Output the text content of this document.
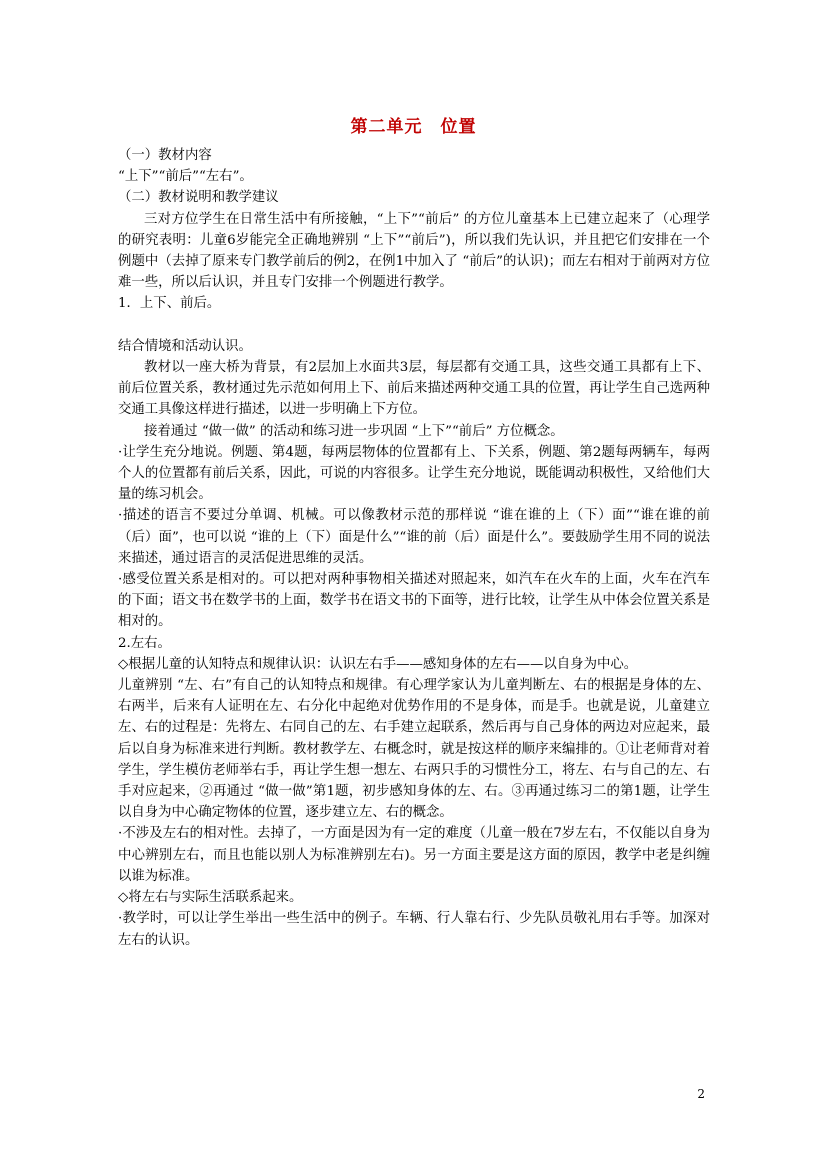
第二单元　位置
（一）教材内容
“上下”“前后”“左右”。
（二）教材说明和教学建议
三对方位学生在日常生活中有所接触，“上下”“前后” 的方位儿童基本上已建立起来了（心理学的研究表明：儿童6岁能完全正确地辨别 “上下”“前后”)，所以我们先认识，并且把它们安排在一个例题中（去掉了原来专门教学前后的例2，在例1中加入了 “前后”的认识)；而左右相对于前两对方位难一些，所以后认识，并且专门安排一个例题进行教学。
1．上下、前后。
结合情境和活动认识。
教材以一座大桥为背景，有2层加上水面共3层，每层都有交通工具，这些交通工具都有上下、前后位置关系，教材通过先示范如何用上下、前后来描述两种交通工具的位置，再让学生自己选两种交通工具像这样进行描述，以进一步明确上下方位。
接着通过 “做一做” 的活动和练习进一步巩固 “上下”“前后” 方位概念。
·让学生充分地说。例题、第4题，每两层物体的位置都有上、下关系，例题、第2题每两辆车，每两个人的位置都有前后关系，因此，可说的内容很多。让学生充分地说，既能调动积极性，又给他们大量的练习机会。
·描述的语言不要过分单调、机械。可以像教材示范的那样说 “谁在谁的上（下）面”“谁在谁的前（后）面”，也可以说 “谁的上（下）面是什么”“谁的前（后）面是什么”。要鼓励学生用不同的说法来描述，通过语言的灵活促进思维的灵活。
·感受位置关系是相对的。可以把对两种事物相关描述对照起来，如汽车在火车的上面，火车在汽车的下面；语文书在数学书的上面，数学书在语文书的下面等，进行比较，让学生从中体会位置关系是相对的。
2.左右。
◇根据儿童的认知特点和规律认识：认识左右手——感知身体的左右——以自身为中心。
儿童辨别 “左、右”有自己的认知特点和规律。有心理学家认为儿童判断左、右的根据是身体的左、右两半，后来有人证明在左、右分化中起绝对优势作用的不是身体，而是手。也就是说，儿童建立左、右的过程是：先将左、右同自己的左、右手建立起联系，然后再与自己身体的两边对应起来，最后以自身为标准来进行判断。教材教学左、右概念时，就是按这样的顺序来编排的。①让老师背对着学生，学生模仿老师举右手，再让学生想一想左、右两只手的习惯性分工，将左、右与自己的左、右手对应起来，②再通过 “做一做”第1题，初步感知身体的左、右。③再通过练习二的第1题，让学生以自身为中心确定物体的位置，逐步建立左、右的概念。
·不涉及左右的相对性。去掉了，一方面是因为有一定的难度（儿童一般在7岁左右，不仅能以自身为中心辨别左右，而且也能以别人为标准辨别左右)。另一方面主要是这方面的原因，教学中老是纠缠以谁为标准。
◇将左右与实际生活联系起来。
·教学时，可以让学生举出一些生活中的例子。车辆、行人靠右行、少先队员敬礼用右手等。加深对左右的认识。
2
